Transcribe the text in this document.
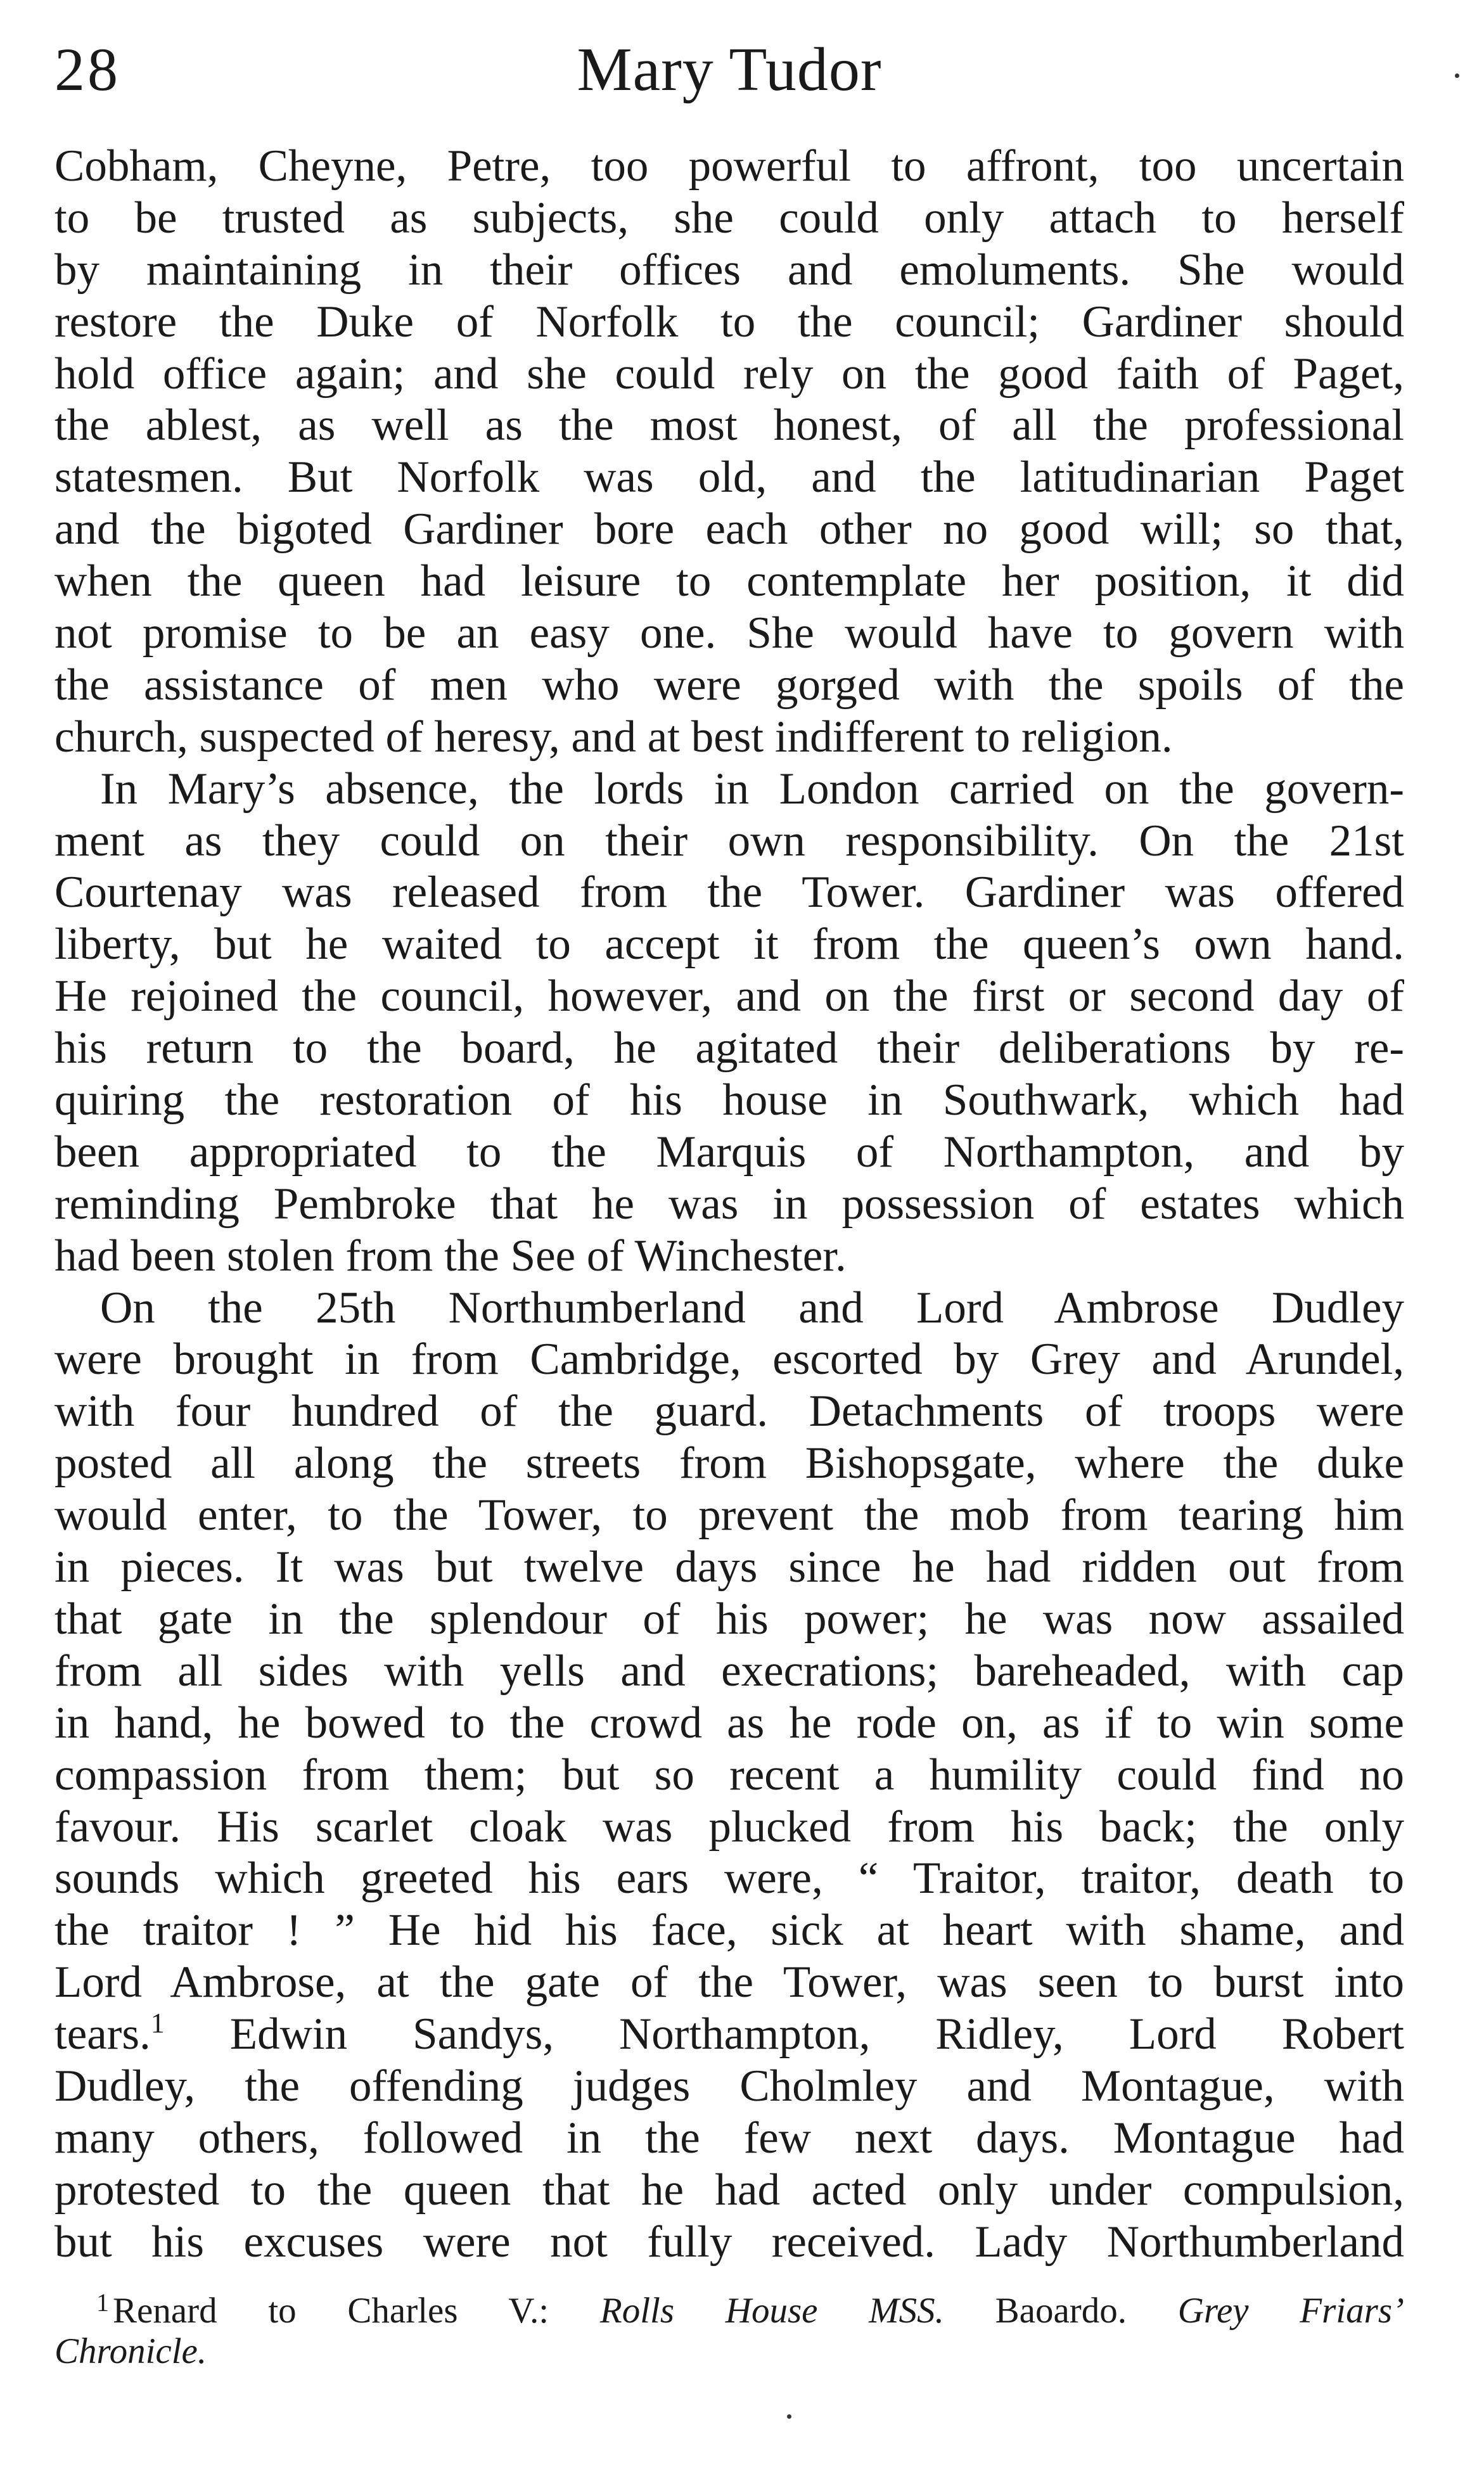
28	Mary Tudor
Cobham, Cheyne, Petre, too powerful to affront, too uncertain
to be trusted as subjects, she could only attach to herself
by maintaining in their offices and emoluments. She would
restore the Duke of Norfolk to the council; Gardiner should
hold office again; and she could rely on the good faith of Paget,
the ablest, as well as the most honest, of all the professional
statesmen. But Norfolk was old, and the latitudinarian Paget
and the bigoted Gardiner bore each other no good will; so that,
when the queen had leisure to contemplate her position, it did
not promise to be an easy one. She would have to govern with
the assistance of men who were gorged with the spoils of the
church, suspected of heresy, and at best indifferent to religion.
In Mary’s absence, the lords in London carried on the govern-
ment as they could on their own responsibility. On the 21st
Courtenay was released from the Tower. Gardiner was offered
liberty, but he waited to accept it from the queen’s own hand.
He rejoined the council, however, and on the first or second day of
his return to the board, he agitated their deliberations by re-
quiring the restoration of his house in Southwark, which had
been appropriated to the Marquis of Northampton, and by
reminding Pembroke that he was in possession of estates which
had been stolen from the See of Winchester.
On the 25th Northumberland and Lord Ambrose Dudley
were brought in from Cambridge, escorted by Grey and Arundel,
with four hundred of the guard. Detachments of troops were
posted all along the streets from Bishopsgate, where the duke
would enter, to the Tower, to prevent the mob from tearing him
in pieces. It was but twelve days since he had ridden out from
that gate in the splendour of his power; he was now assailed
from all sides with yells and execrations; bareheaded, with cap
in hand, he bowed to the crowd as he rode on, as if to win some
compassion from them; but so recent a humility could find no
favour. His scarlet cloak was plucked from his back; the only
sounds which greeted his ears were, “ Traitor, traitor, death to
the traitor ! ” He hid his face, sick at heart with shame, and
Lord Ambrose, at the gate of the Tower, was seen to burst into
tears.$^1$ Edwin Sandys, Northampton, Ridley, Lord Robert
Dudley, the offending judges Cholmley and Montague, with
many others, followed in the few next days. Montague had
protested to the queen that he had acted only under compulsion,
but his excuses were not fully received. Lady Northumberland
$^1$ Renard to Charles V.: Rolls House MSS. Baoardo. Grey Friars’
Chronicle.
